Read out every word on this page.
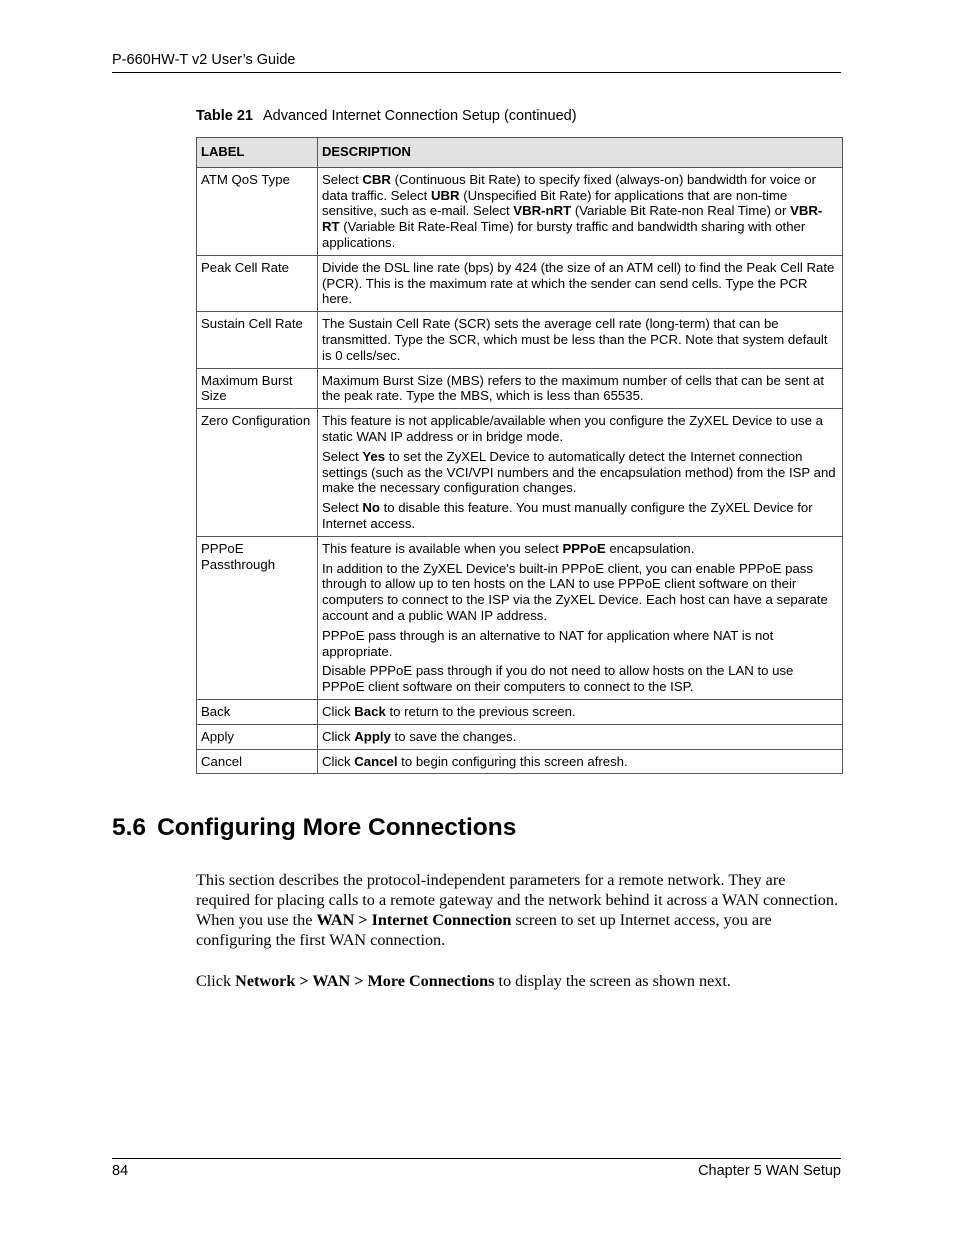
P-660HW-T v2 User’s Guide
Table 21 Advanced Internet Connection Setup (continued)
LABEL	DESCRIPTION
ATM QoS Type	Select CBR (Continuous Bit Rate) to specify fixed (always-on) bandwidth for voice or data traffic. Select UBR (Unspecified Bit Rate) for applications that are non-time sensitive, such as e-mail. Select VBR-nRT (Variable Bit Rate-non Real Time) or VBR-RT (Variable Bit Rate-Real Time) for bursty traffic and bandwidth sharing with other applications.

Peak Cell Rate	Divide the DSL line rate (bps) by 424 (the size of an ATM cell) to find the Peak Cell Rate (PCR). This is the maximum rate at which the sender can send cells. Type the PCR here.

Sustain Cell Rate	The Sustain Cell Rate (SCR) sets the average cell rate (long-term) that can be transmitted. Type the SCR, which must be less than the PCR. Note that system default is 0 cells/sec.

Maximum Burst Size	Maximum Burst Size (MBS) refers to the maximum number of cells that can be sent at the peak rate. Type the MBS, which is less than 65535.

Zero Configuration	This feature is not applicable/available when you configure the ZyXEL Device to use a static WAN IP address or in bridge mode.

Select Yes to set the ZyXEL Device to automatically detect the Internet connection settings (such as the VCI/VPI numbers and the encapsulation method) from the ISP and make the necessary configuration changes.

Select No to disable this feature. You must manually configure the ZyXEL Device for Internet access.

PPPoE Passthrough	This feature is available when you select PPPoE encapsulation.

In addition to the ZyXEL Device's built-in PPPoE client, you can enable PPPoE pass through to allow up to ten hosts on the LAN to use PPPoE client software on their computers to connect to the ISP via the ZyXEL Device. Each host can have a separate account and a public WAN IP address.

PPPoE pass through is an alternative to NAT for application where NAT is not appropriate.

Disable PPPoE pass through if you do not need to allow hosts on the LAN to use PPPoE client software on their computers to connect to the ISP.

Back	Click Back to return to the previous screen.

Apply	Click Apply to save the changes.

Cancel	Click Cancel to begin configuring this screen afresh.

5.6 Configuring More Connections

This section describes the protocol-independent parameters for a remote network. They are required for placing calls to a remote gateway and the network behind it across a WAN connection. When you use the WAN > Internet Connection screen to set up Internet access, you are configuring the first WAN connection.

Click Network > WAN > More Connections to display the screen as shown next.

84	Chapter 5 WAN Setup
